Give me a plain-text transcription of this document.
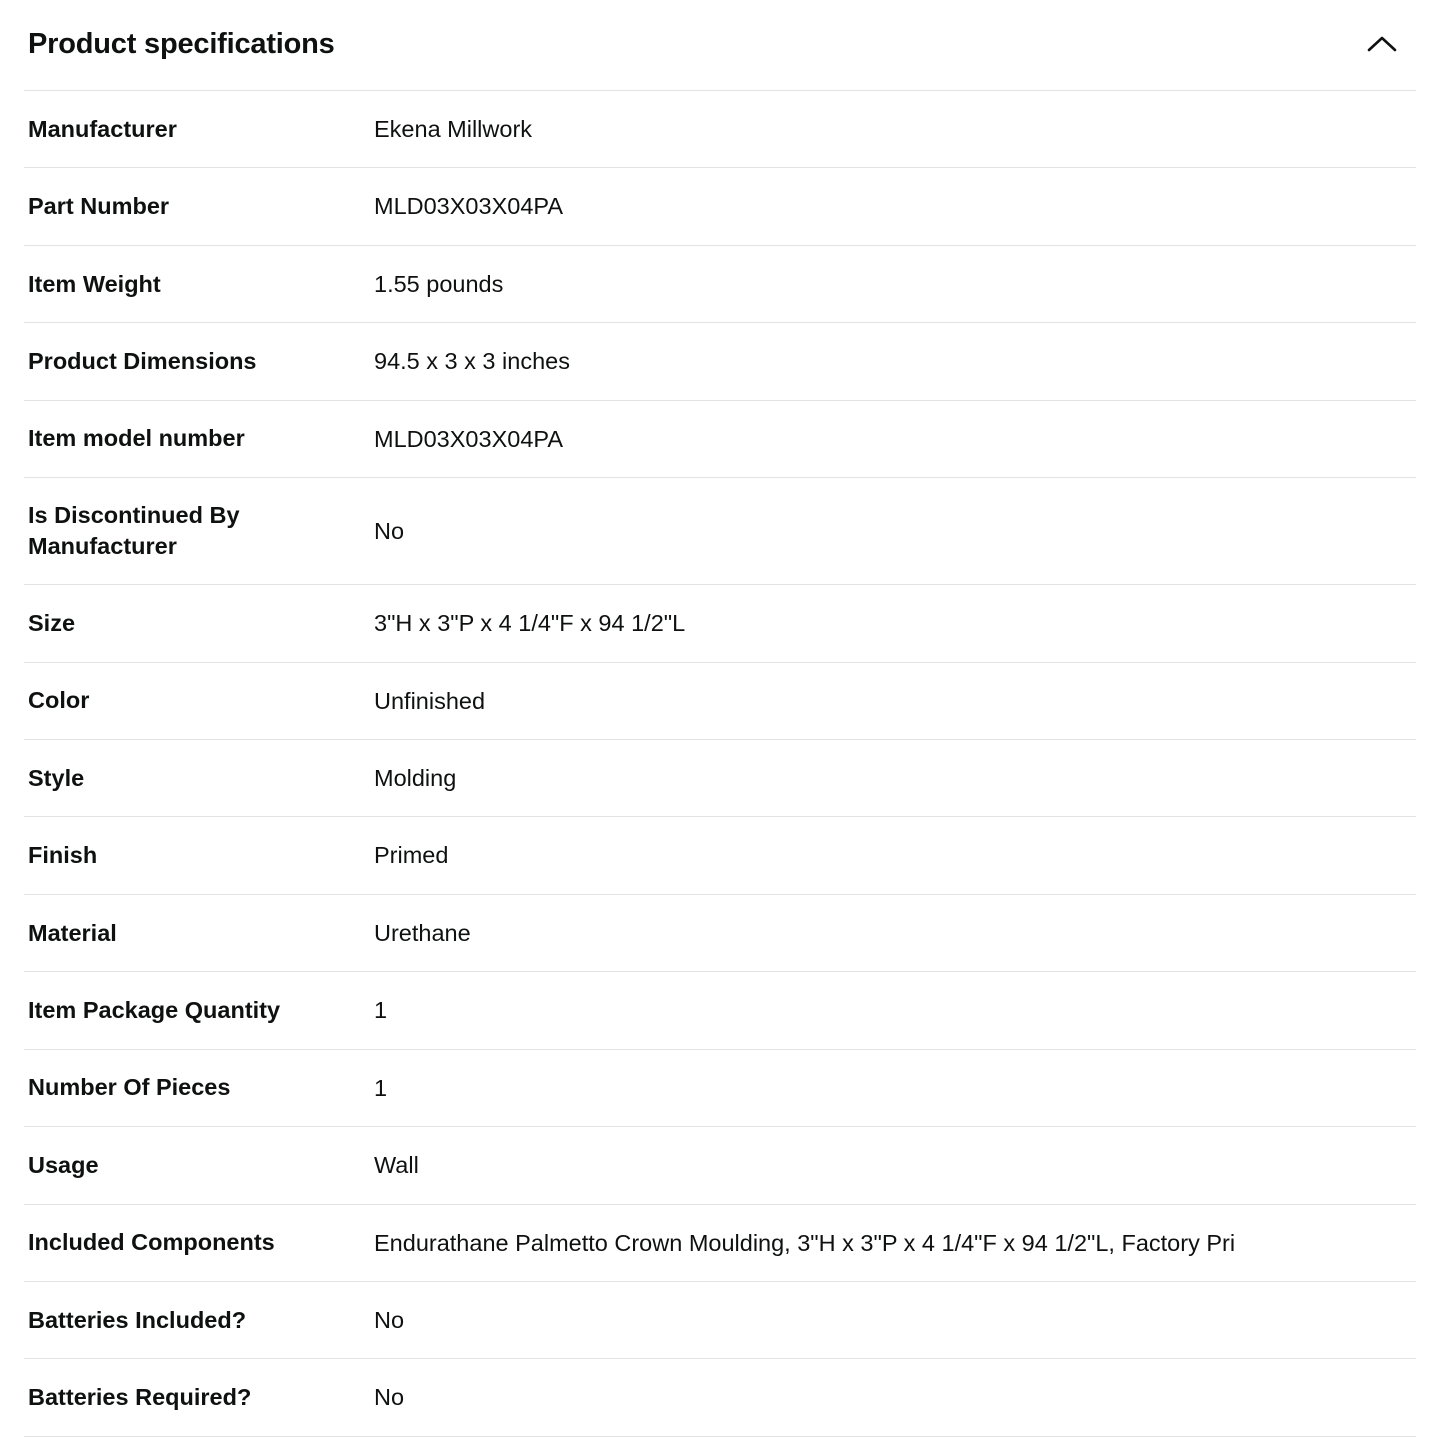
Product specifications
Manufacturer	Ekena Millwork

Part Number	MLD03X03X04PA

Item Weight	1.55 pounds

Product Dimensions	94.5 x 3 x 3 inches

Item model number	MLD03X03X04PA

Is Discontinued By Manufacturer	No

Size	3"H x 3"P x 4 1/4"F x 94 1/2"L

Color	Unfinished

Style	Molding

Finish	Primed

Material	Urethane

Item Package Quantity	1

Number Of Pieces	1

Usage	Wall

Included Components	Endurathane Palmetto Crown Moulding, 3"H x 3"P x 4 1/4"F x 94 1/2"L, Factory Pri

Batteries Included?	No

Batteries Required?	No
